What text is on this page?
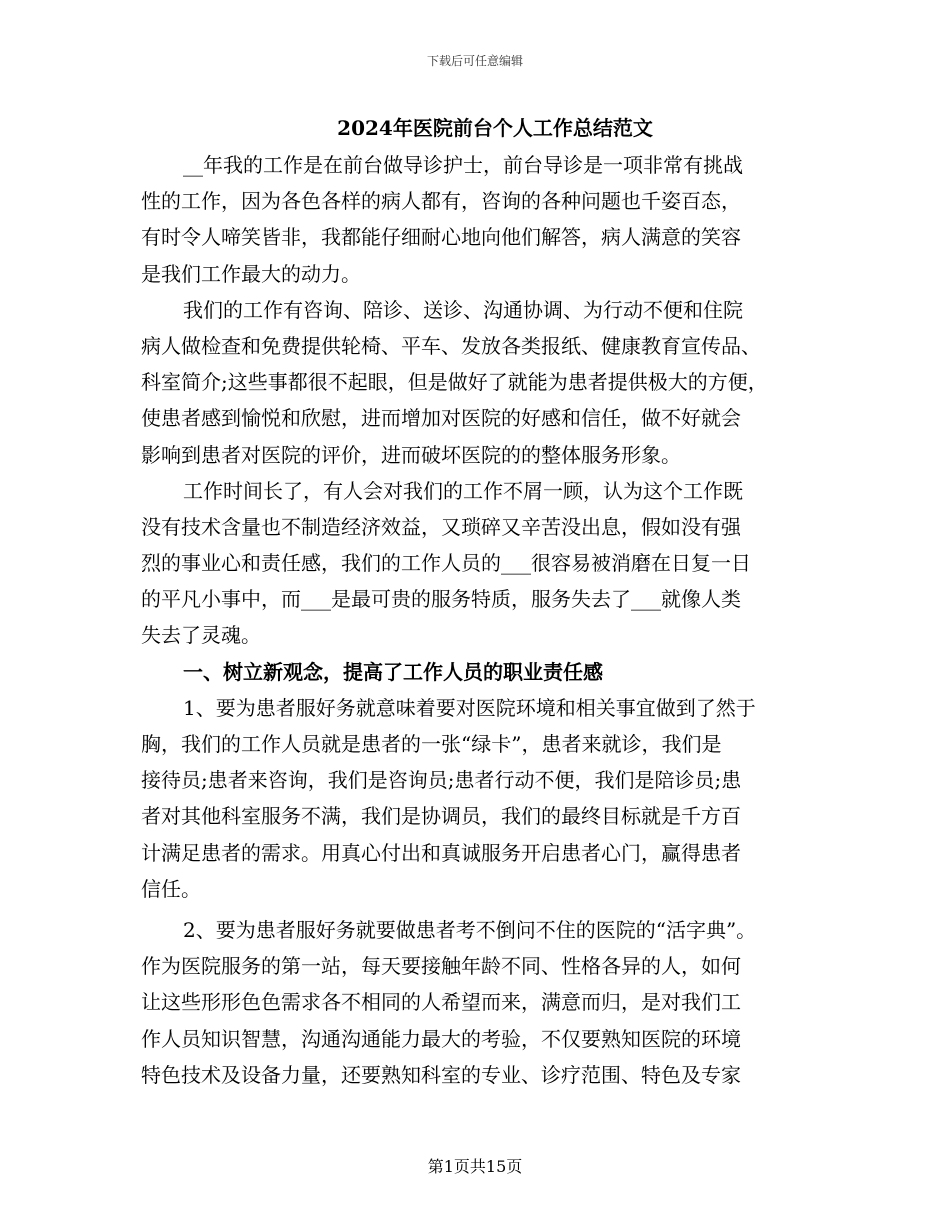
下载后可任意编辑
2024年医院前台个人工作总结范文
__年我的工作是在前台做导诊护士，前台导诊是一项非常有挑战
性的工作，因为各色各样的病人都有，咨询的各种问题也千姿百态，
有时令人啼笑皆非，我都能仔细耐心地向他们解答，病人满意的笑容
是我们工作最大的动力。
我们的工作有咨询、陪诊、送诊、沟通协调、为行动不便和住院
病人做检查和免费提供轮椅、平车、发放各类报纸、健康教育宣传品、
科室简介;这些事都很不起眼，但是做好了就能为患者提供极大的方便，
使患者感到愉悦和欣慰，进而增加对医院的好感和信任，做不好就会
影响到患者对医院的评价，进而破坏医院的的整体服务形象。
工作时间长了，有人会对我们的工作不屑一顾，认为这个工作既
没有技术含量也不制造经济效益，又琐碎又辛苦没出息，假如没有强
烈的事业心和责任感，我们的工作人员的___很容易被消磨在日复一日
的平凡小事中，而___是最可贵的服务特质，服务失去了___就像人类
失去了灵魂。
一、树立新观念，提高了工作人员的职业责任感
1、要为患者服好务就意味着要对医院环境和相关事宜做到了然于
胸，我们的工作人员就是患者的一张“绿卡”，患者来就诊，我们是
接待员;患者来咨询，我们是咨询员;患者行动不便，我们是陪诊员;患
者对其他科室服务不满，我们是协调员，我们的最终目标就是千方百
计满足患者的需求。用真心付出和真诚服务开启患者心门，赢得患者
信任。
2、要为患者服好务就要做患者考不倒问不住的医院的“活字典”。
作为医院服务的第一站，每天要接触年龄不同、性格各异的人，如何
让这些形形色色需求各不相同的人希望而来，满意而归，是对我们工
作人员知识智慧，沟通沟通能力最大的考验，不仅要熟知医院的环境
特色技术及设备力量，还要熟知科室的专业、诊疗范围、特色及专家
第1页共15页
